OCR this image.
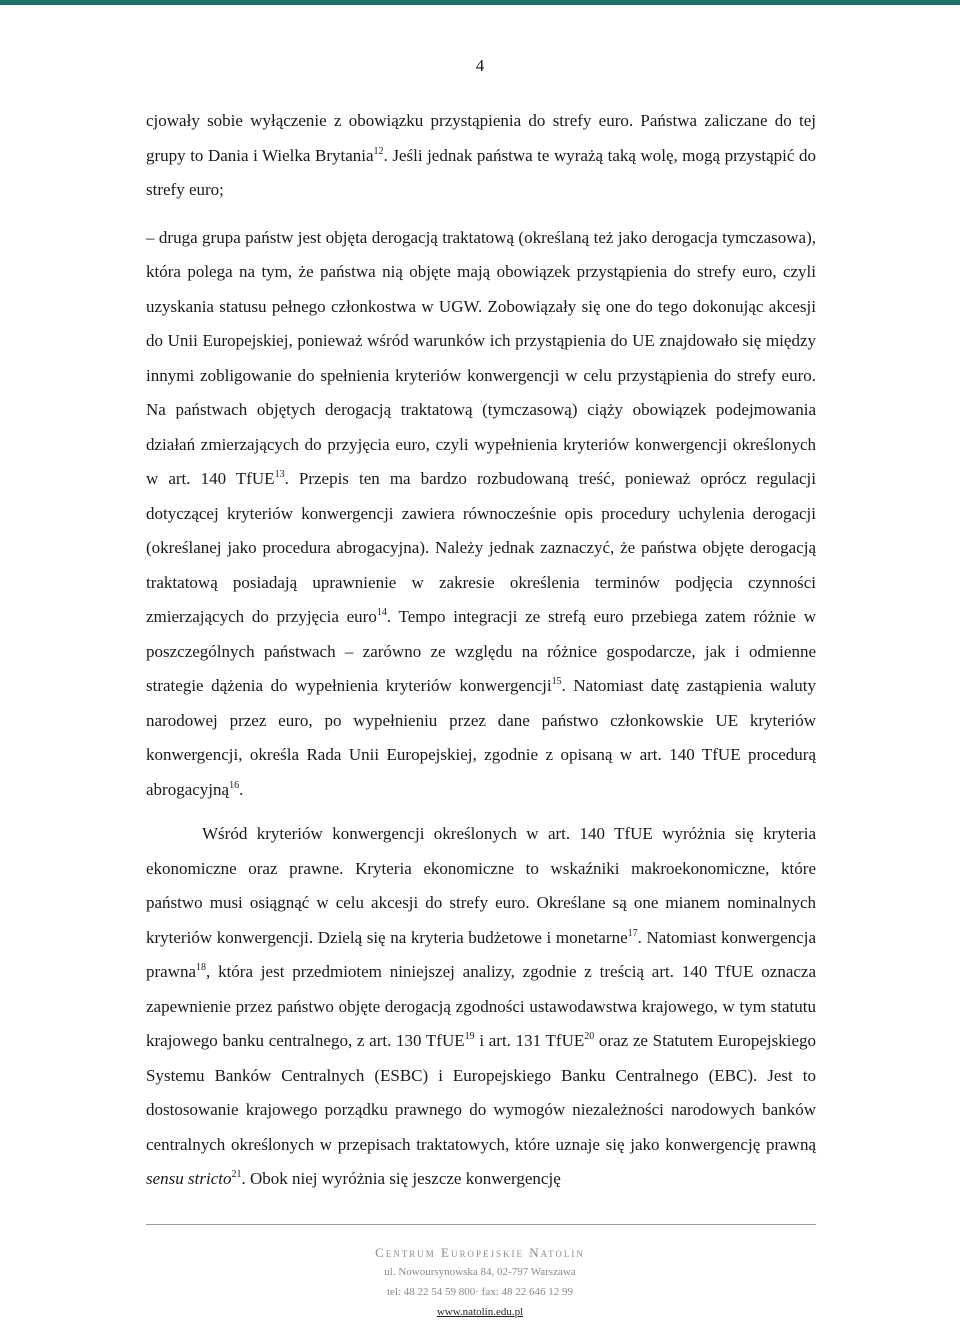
4

cjowały sobie wyłączenie z obowiązku przystąpienia do strefy euro. Państwa zaliczane do tej grupy to Dania i Wielka Brytania$^{12}$. Jeśli jednak państwa te wyrażą taką wolę, mogą przystąpić do strefy euro;

– druga grupa państw jest objęta derogacją traktatową (określaną też jako derogacja tymczasowa), która polega na tym, że państwa nią objęte mają obowiązek przystąpienia do strefy euro, czyli uzyskania statusu pełnego członkostwa w UGW. Zobowiązały się one do tego dokonując akcesji do Unii Europejskiej, ponieważ wśród warunków ich przystąpienia do UE znajdowało się między innymi zobligowanie do spełnienia kryteriów konwergencji w celu przystąpienia do strefy euro. Na państwach objętych derogacją traktatową (tymczasową) ciąży obowiązek podejmowania działań zmierzających do przyjęcia euro, czyli wypełnienia kryteriów konwergencji określonych w art. 140 TfUE$^{13}$. Przepis ten ma bardzo rozbudowaną treść, ponieważ oprócz regulacji dotyczącej kryteriów konwergencji zawiera równocześnie opis procedury uchylenia derogacji (określanej jako procedura abrogacyjna). Należy jednak zaznaczyć, że państwa objęte derogacją traktatową posiadają uprawnienie w zakresie określenia terminów podjęcia czynności zmierzających do przyjęcia euro$^{14}$. Tempo integracji ze strefą euro przebiega zatem różnie w poszczególnych państwach – zarówno ze względu na różnice gospodarcze, jak i odmienne strategie dążenia do wypełnienia kryteriów konwergencji$^{15}$. Natomiast datę zastąpienia waluty narodowej przez euro, po wypełnieniu przez dane państwo członkowskie UE kryteriów konwergencji, określa Rada Unii Europejskiej, zgodnie z opisaną w art. 140 TfUE procedurą abrogacyjną$^{16}$.

Wśród kryteriów konwergencji określonych w art. 140 TfUE wyróżnia się kryteria ekonomiczne oraz prawne. Kryteria ekonomiczne to wskaźniki makroekonomiczne, które państwo musi osiągnąć w celu akcesji do strefy euro. Określane są one mianem nominalnych kryteriów konwergencji. Dzielą się na kryteria budżetowe i monetarne$^{17}$. Natomiast konwergencja prawna$^{18}$, która jest przedmiotem niniejszej analizy, zgodnie z treścią art. 140 TfUE oznacza zapewnienie przez państwo objęte derogacją zgodności ustawodawstwa krajowego, w tym statutu krajowego banku centralnego, z art. 130 TfUE$^{19}$ i art. 131 TfUE$^{20}$ oraz ze Statutem Europejskiego Systemu Banków Centralnych (ESBC) i Europejskiego Banku Centralnego (EBC). Jest to dostosowanie krajowego porządku prawnego do wymogów niezależności narodowych banków centralnych określonych w przepisach traktatowych, które uznaje się jako konwergencję prawną sensu stricto$^{21}$. Obok niej wyróżnia się jeszcze konwergencję

Centrum Europejskie Natolin
ul. Nowoursynowska 84, 02-797 Warszawa
tel: 48 22 54 59 800· fax: 48 22 646 12 99
www.natolin.edu.pl
